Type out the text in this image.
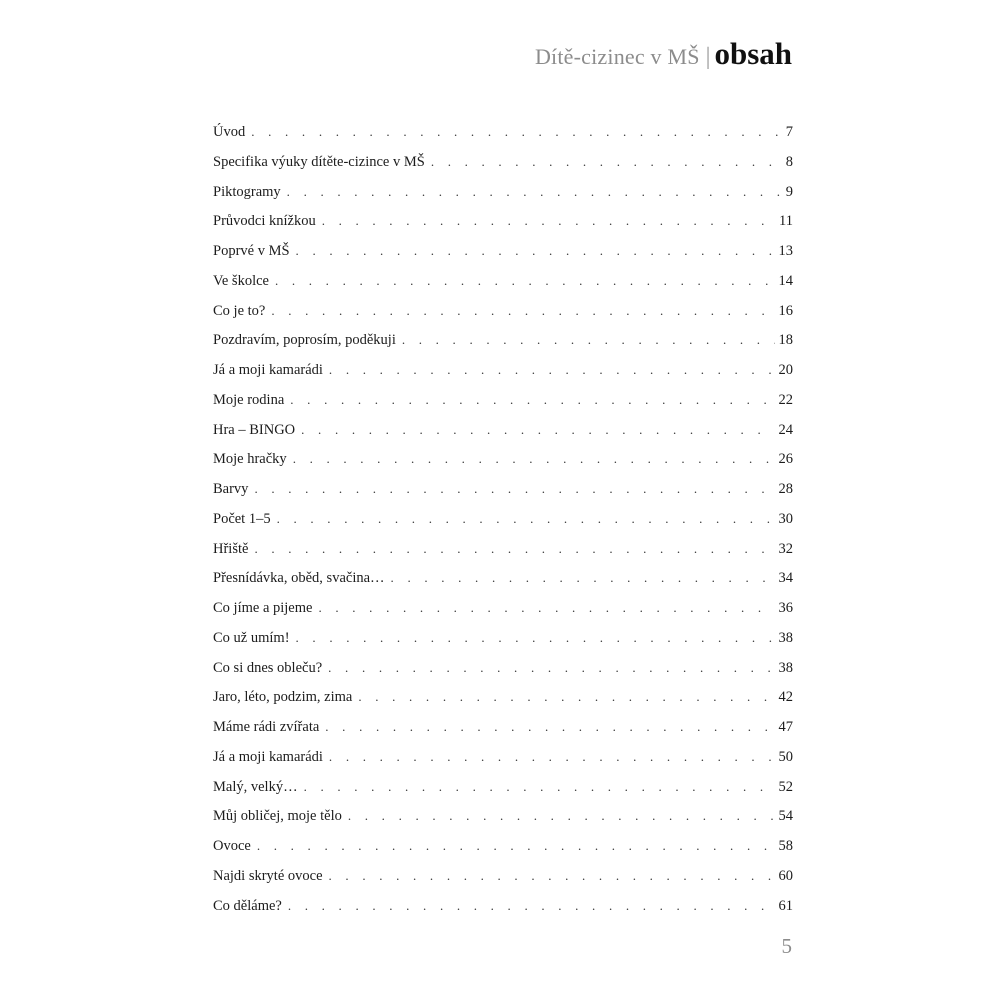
Dítě-cizinec v MŠ | obsah
Úvod . . .	7
Specifika výuky dítěte-cizince v MŠ . . .	8
Piktogramy . . .	9
Průvodci knížkou . . .	11
Poprvé v MŠ . . .	13
Ve školce . . .	14
Co je to? . . .	16
Pozdravím, poprosím, poděkuji . . .	18
Já a moji kamarádi . . .	20
Moje rodina . . .	22
Hra – BINGO . . .	24
Moje hračky . . .	26
Barvy . . .	28
Počet 1–5 . . .	30
Hřiště . . .	32
Přesnídávka, oběd, svačina… . . .	34
Co jíme a pijeme . . .	36
Co už umím! . . .	38
Co si dnes obleču? . . .	38
Jaro, léto, podzim, zima . . .	42
Máme rádi zvířata . . .	47
Já a moji kamarádi . . .	50
Malý, velký… . . .	52
Můj obličej, moje tělo . . .	54
Ovoce . . .	58
Najdi skryté ovoce . . .	60
Co děláme? . . .	61
5
